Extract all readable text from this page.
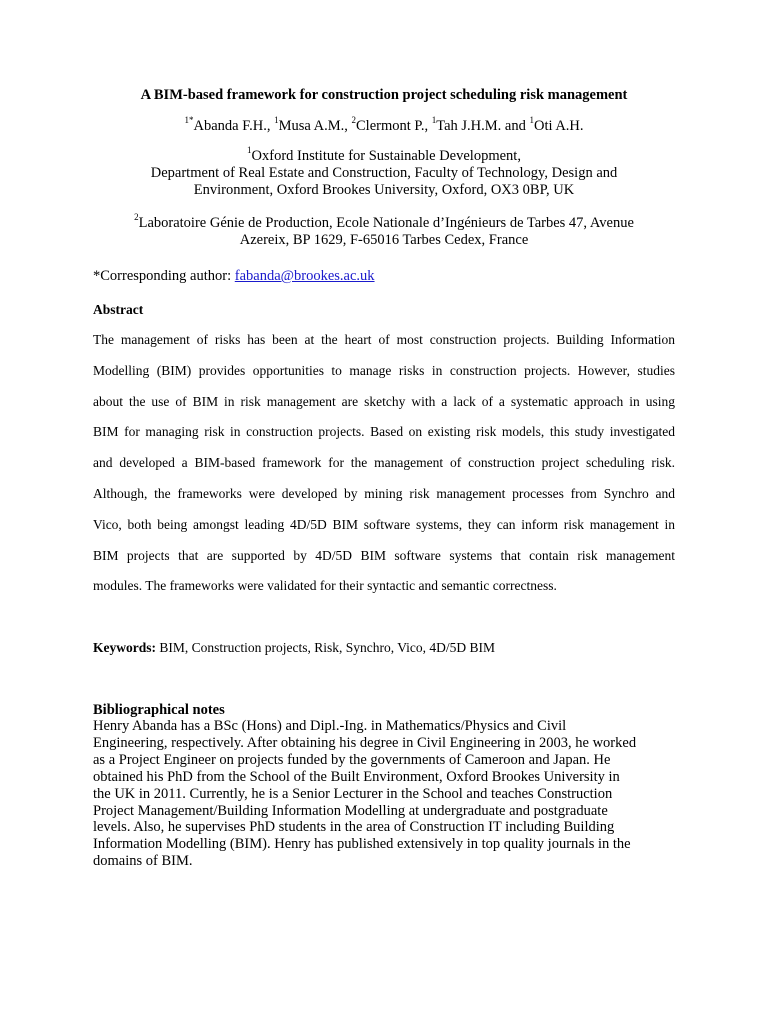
A BIM-based framework for construction project scheduling risk management
$^{1*}$Abanda F.H., $^1$Musa A.M., $^2$Clermont P., $^1$Tah J.H.M. and $^1$Oti A.H.
$^1$Oxford Institute for Sustainable Development,
Department of Real Estate and Construction, Faculty of Technology, Design and
Environment, Oxford Brookes University, Oxford, OX3 0BP, UK
$^2$Laboratoire Génie de Production, Ecole Nationale d’Ingénieurs de Tarbes 47, Avenue
Azereix, BP 1629, F-65016 Tarbes Cedex, France
*Corresponding author: fabanda@brookes.ac.uk
Abstract
The management of risks has been at the heart of most construction projects. Building Information
Modelling (BIM) provides opportunities to manage risks in construction projects. However, studies
about the use of BIM in risk management are sketchy with a lack of a systematic approach in using
BIM for managing risk in construction projects. Based on existing risk models, this study investigated
and developed a BIM-based framework for the management of construction project scheduling risk.
Although, the frameworks were developed by mining risk management processes from Synchro and
Vico, both being amongst leading 4D/5D BIM software systems, they can inform risk management in
BIM projects that are supported by 4D/5D BIM software systems that contain risk management
modules. The frameworks were validated for their syntactic and semantic correctness.
Keywords: BIM, Construction projects, Risk, Synchro, Vico, 4D/5D BIM
Bibliographical notes
Henry Abanda has a BSc (Hons) and Dipl.-Ing. in Mathematics/Physics and Civil
Engineering, respectively. After obtaining his degree in Civil Engineering in 2003, he worked
as a Project Engineer on projects funded by the governments of Cameroon and Japan. He
obtained his PhD from the School of the Built Environment, Oxford Brookes University in
the UK in 2011. Currently, he is a Senior Lecturer in the School and teaches Construction
Project Management/Building Information Modelling at undergraduate and postgraduate
levels. Also, he supervises PhD students in the area of Construction IT including Building
Information Modelling (BIM). Henry has published extensively in top quality journals in the
domains of BIM.
